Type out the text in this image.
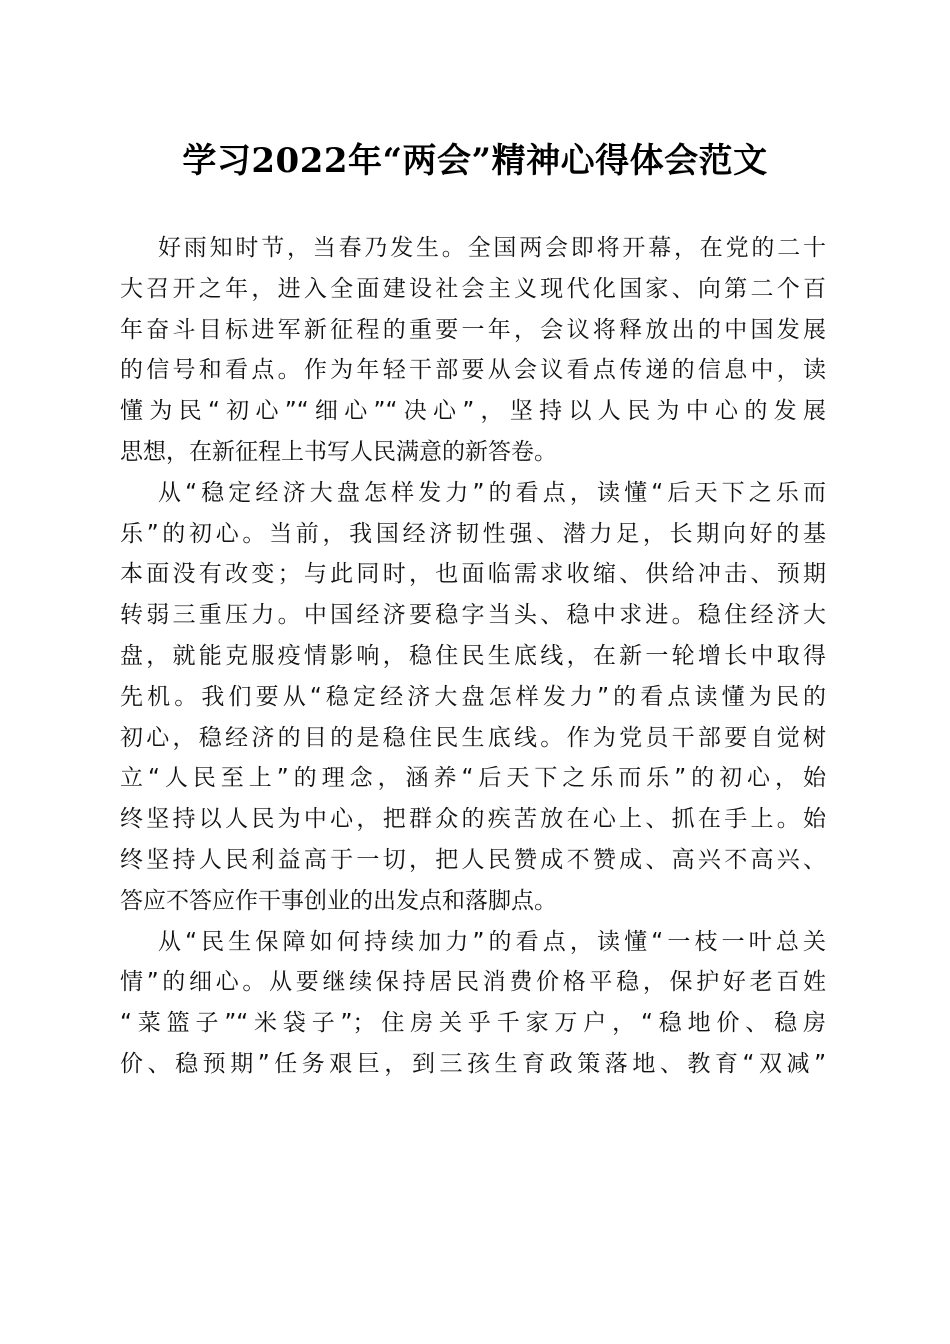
学习2022年“两会”精神心得体会范文
好雨知时节，当春乃发生。全国两会即将开幕，在党的二十
大召开之年，进入全面建设社会主义现代化国家、向第二个百
年奋斗目标进军新征程的重要一年，会议将释放出的中国发展
的信号和看点。作为年轻干部要从会议看点传递的信息中，读
懂为民“初心”“细心”“决心”，坚持以人民为中心的发展
思想，在新征程上书写人民满意的新答卷。
从“稳定经济大盘怎样发力”的看点，读懂“后天下之乐而
乐”的初心。当前，我国经济韧性强、潜力足，长期向好的基
本面没有改变；与此同时，也面临需求收缩、供给冲击、预期
转弱三重压力。中国经济要稳字当头、稳中求进。稳住经济大
盘，就能克服疫情影响，稳住民生底线，在新一轮增长中取得
先机。我们要从“稳定经济大盘怎样发力”的看点读懂为民的
初心，稳经济的目的是稳住民生底线。作为党员干部要自觉树
立“人民至上”的理念，涵养“后天下之乐而乐”的初心，始
终坚持以人民为中心，把群众的疾苦放在心上、抓在手上。始
终坚持人民利益高于一切，把人民赞成不赞成、高兴不高兴、
答应不答应作干事创业的出发点和落脚点。
从“民生保障如何持续加力”的看点，读懂“一枝一叶总关
情”的细心。从要继续保持居民消费价格平稳，保护好老百姓
“菜篮子”“米袋子”；住房关乎千家万户，“稳地价、稳房
价、稳预期”任务艰巨，到三孩生育政策落地、教育“双减”
